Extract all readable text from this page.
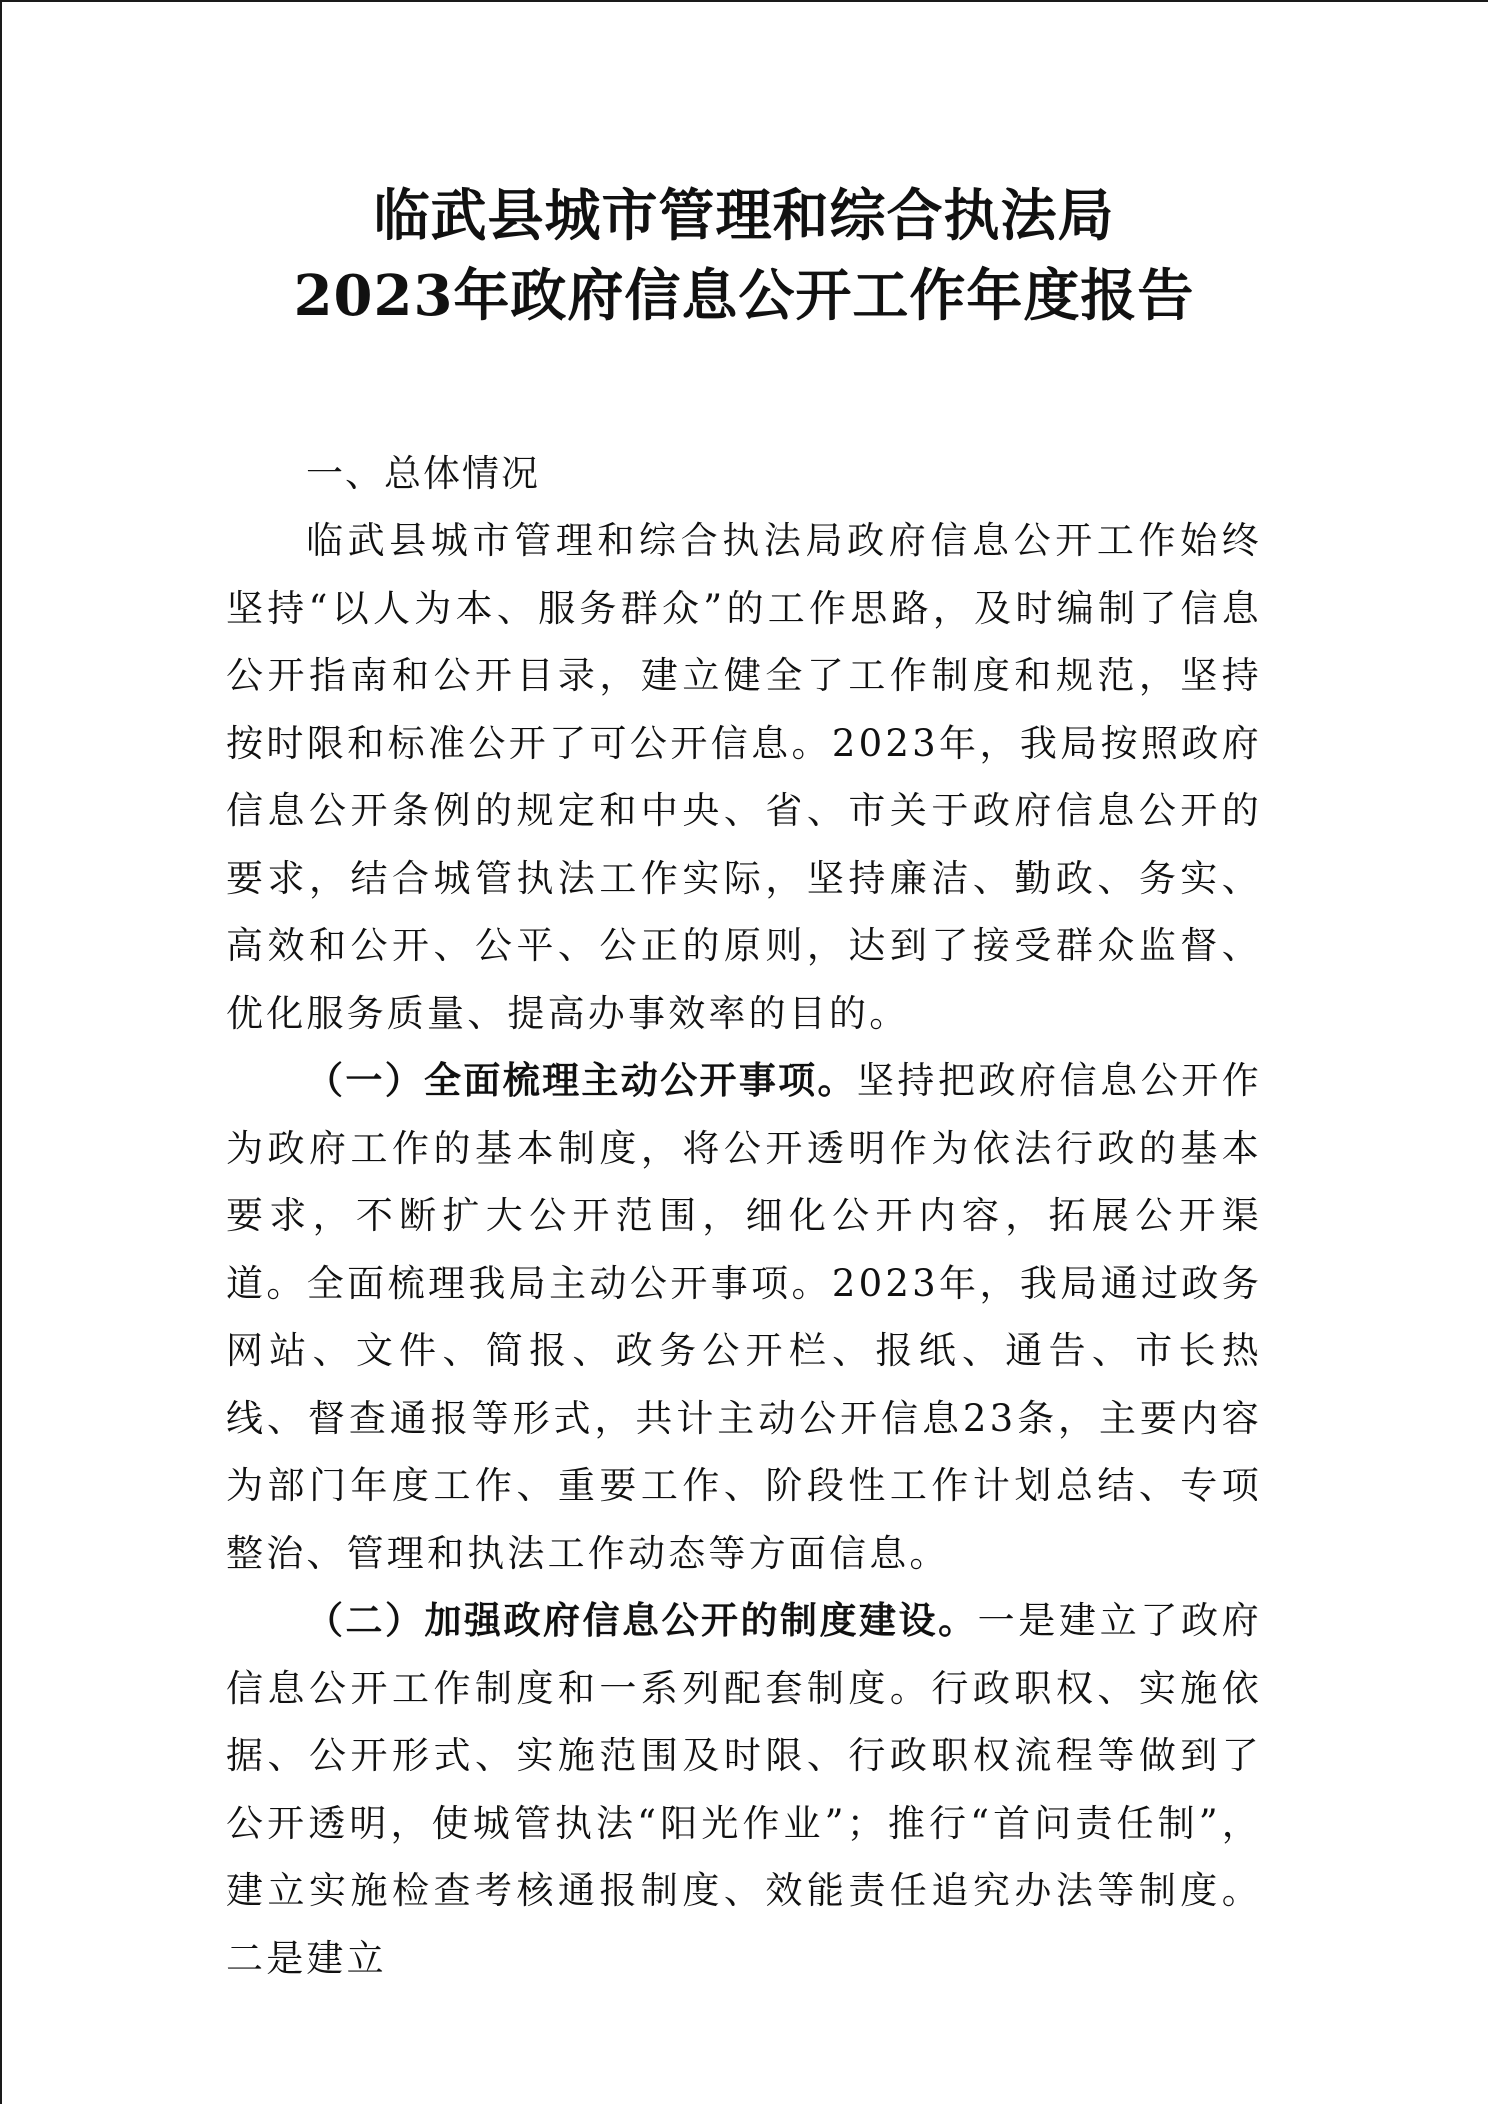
临武县城市管理和综合执法局
2023年政府信息公开工作年度报告

一、总体情况

临武县城市管理和综合执法局政府信息公开工作始终坚持“以人为本、服务群众”的工作思路，及时编制了信息公开指南和公开目录，建立健全了工作制度和规范，坚持按时限和标准公开了可公开信息。2023年，我局按照政府信息公开条例的规定和中央、省、市关于政府信息公开的要求，结合城管执法工作实际，坚持廉洁、勤政、务实、高效和公开、公平、公正的原则，达到了接受群众监督、优化服务质量、提高办事效率的目的。

（一）全面梳理主动公开事项。坚持把政府信息公开作为政府工作的基本制度，将公开透明作为依法行政的基本要求，不断扩大公开范围，细化公开内容，拓展公开渠道。全面梳理我局主动公开事项。2023年，我局通过政务网站、文件、简报、政务公开栏、报纸、通告、市长热线、督查通报等形式，共计主动公开信息23条，主要内容为部门年度工作、重要工作、阶段性工作计划总结、专项整治、管理和执法工作动态等方面信息。

（二）加强政府信息公开的制度建设。一是建立了政府信息公开工作制度和一系列配套制度。行政职权、实施依据、公开形式、实施范围及时限、行政职权流程等做到了公开透明，使城管执法“阳光作业”；推行“首问责任制”，建立实施检查考核通报制度、效能责任追究办法等制度。二是建立
